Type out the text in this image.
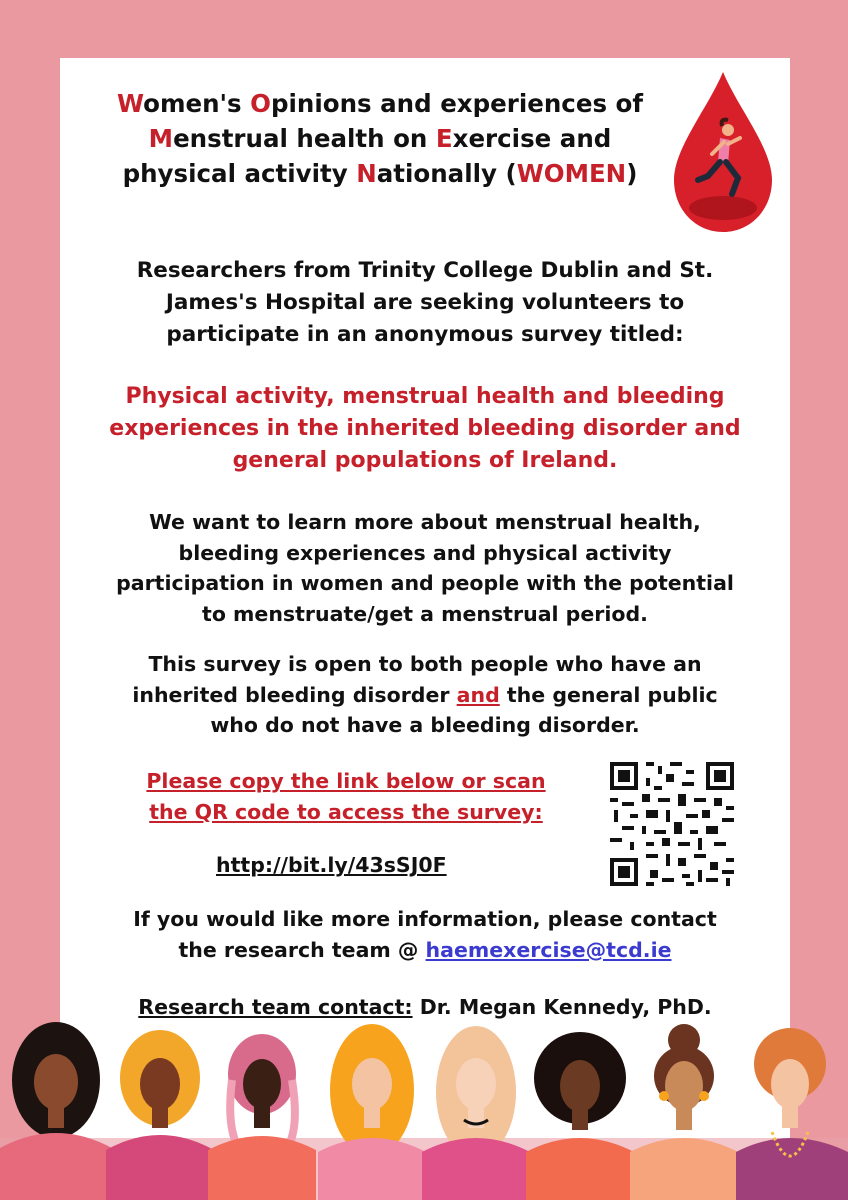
Women's Opinions and experiences of
Menstrual health on Exercise and
physical activity Nationally (WOMEN)
Researchers from Trinity College Dublin and St.
James's Hospital are seeking volunteers to
participate in an anonymous survey titled:
Physical activity, menstrual health and bleeding
experiences in the inherited bleeding disorder and
general populations of Ireland.
We want to learn more about menstrual health,
bleeding experiences and physical activity
participation in women and people with the potential
to menstruate/get a menstrual period.
This survey is open to both people who have an
inherited bleeding disorder and the general public
who do not have a bleeding disorder.
Please copy the link below or scan
the QR code to access the survey:
http://bit.ly/43sSJ0F
If you would like more information, please contact
the research team @ haemexercise@tcd.ie
Research team contact: Dr. Megan Kennedy, PhD.
